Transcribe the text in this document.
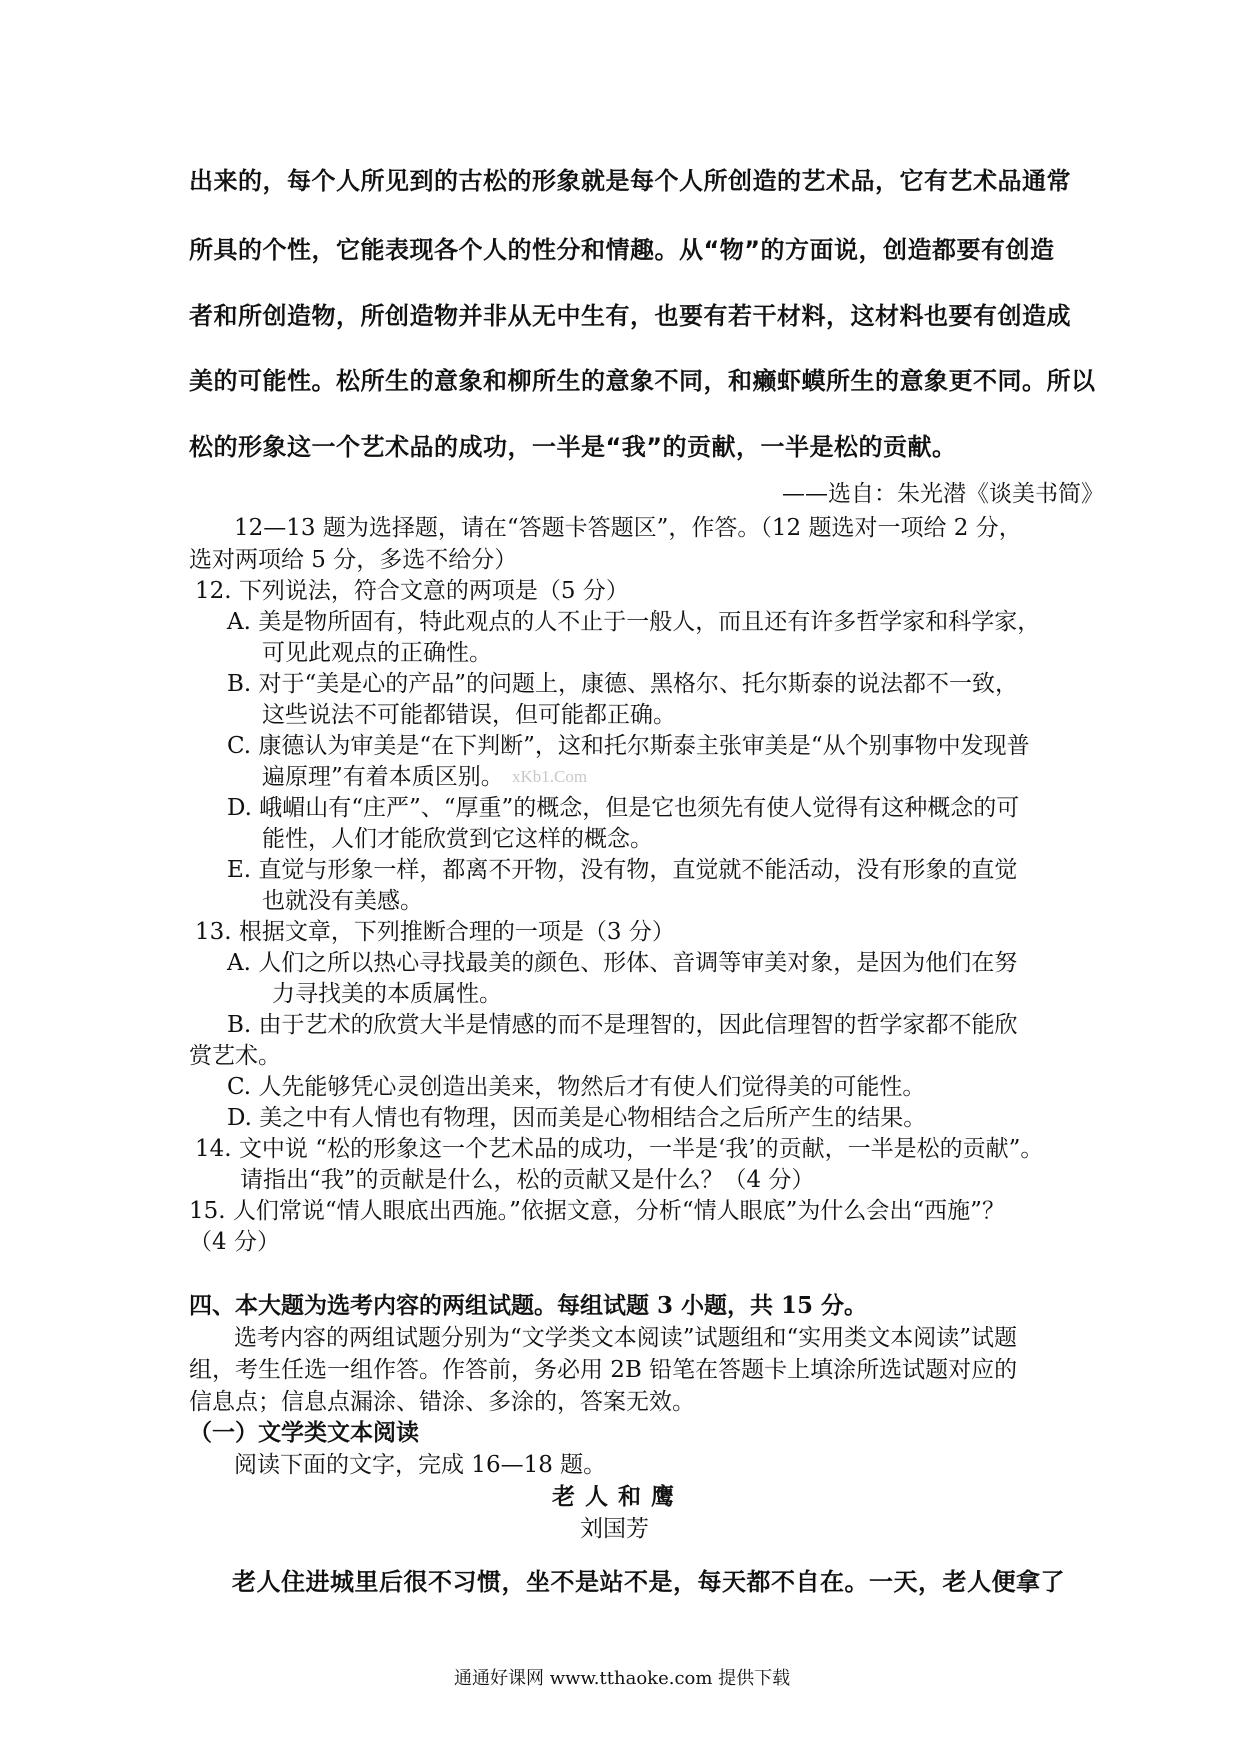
出来的，每个人所见到的古松的形象就是每个人所创造的艺术品，它有艺术品通常
所具的个性，它能表现各个人的性分和情趣。从“物”的方面说，创造都要有创造
者和所创造物，所创造物并非从无中生有，也要有若干材料，这材料也要有创造成
美的可能性。松所生的意象和柳所生的意象不同，和癞虾蟆所生的意象更不同。所以
松的形象这一个艺术品的成功，一半是“我”的贡献，一半是松的贡献。
——选自：朱光潜《谈美书简》
12—13 题为选择题，请在“答题卡答题区”，作答。（12 题选对一项给 2 分，
选对两项给 5 分，多选不给分）
12. 下列说法，符合文意的两项是（5 分）
A. 美是物所固有，特此观点的人不止于一般人，而且还有许多哲学家和科学家，
可见此观点的正确性。
B. 对于“美是心的产品”的问题上，康德、黑格尔、托尔斯泰的说法都不一致，
这些说法不可能都错误，但可能都正确。
C. 康德认为审美是“在下判断”，这和托尔斯泰主张审美是“从个别事物中发现普
遍原理”有着本质区别。 xKb1.Com
D. 峨嵋山有“庄严”、“厚重”的概念，但是它也须先有使人觉得有这种概念的可
能性，人们才能欣赏到它这样的概念。
E. 直觉与形象一样，都离不开物，没有物，直觉就不能活动，没有形象的直觉
也就没有美感。
13. 根据文章，下列推断合理的一项是（3 分）
A. 人们之所以热心寻找最美的颜色、形体、音调等审美对象，是因为他们在努
力寻找美的本质属性。
B. 由于艺术的欣赏大半是情感的而不是理智的，因此信理智的哲学家都不能欣
赏艺术。
C. 人先能够凭心灵创造出美来，物然后才有使人们觉得美的可能性。
D. 美之中有人情也有物理，因而美是心物相结合之后所产生的结果。
14. 文中说 “松的形象这一个艺术品的成功，一半是‘我’的贡献，一半是松的贡献”。
请指出“我”的贡献是什么，松的贡献又是什么？（4 分）
15. 人们常说“情人眼底出西施。”依据文意，分析“情人眼底”为什么会出“西施”？
（4 分）
四、本大题为选考内容的两组试题。每组试题 3 小题，共 15 分。
选考内容的两组试题分别为“文学类文本阅读”试题组和“实用类文本阅读”试题
组，考生任选一组作答。作答前，务必用 2B 铅笔在答题卡上填涂所选试题对应的
信息点；信息点漏涂、错涂、多涂的，答案无效。
（一）文学类文本阅读
阅读下面的文字，完成 16—18 题。
老人和鹰
刘国芳
老人住进城里后很不习惯，坐不是站不是，每天都不自在。一天，老人便拿了
通通好课网 www.tthaoke.com 提供下载
